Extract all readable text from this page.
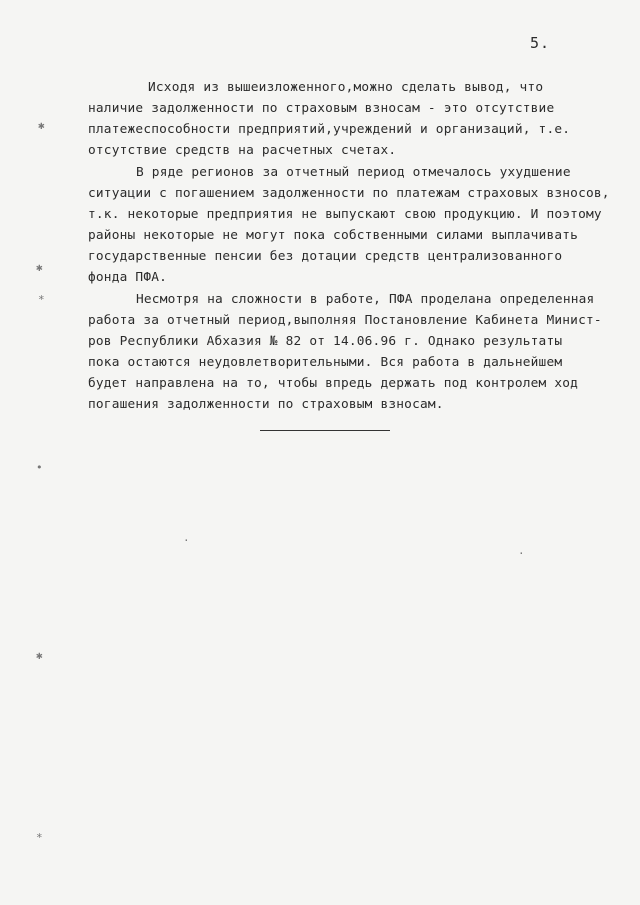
5.
Исходя из вышеизложенного,можно сделать вывод, что
наличие задолженности по страховым взносам - это отсутствие
платежеспособности предприятий,учреждений и организаций, т.е.
отсутствие средств на расчетных счетах.
В ряде регионов за отчетный период отмечалось ухудшение
ситуации с погашением задолженности по платежам страховых взносов,
т.к. некоторые предприятия не выпускают свою продукцию. И поэтому
районы некоторые не могут пока собственными силами выплачивать
государственные пенсии без дотации средств централизованного
фонда ПФА.
Несмотря на сложности в работе, ПФА проделана определенная
работа за отчетный период,выполняя Постановление Кабинета Минист-
ров Республики Абхазия № 82 от 14.06.96 г. Однако результаты
пока остаются неудовлетворительными. Вся работа в дальнейшем
будет направлена на то, чтобы впредь держать под контролем ход
погашения задолженности по страховым взносам.
✱
✱
∗
•
·
·
✱
∗
